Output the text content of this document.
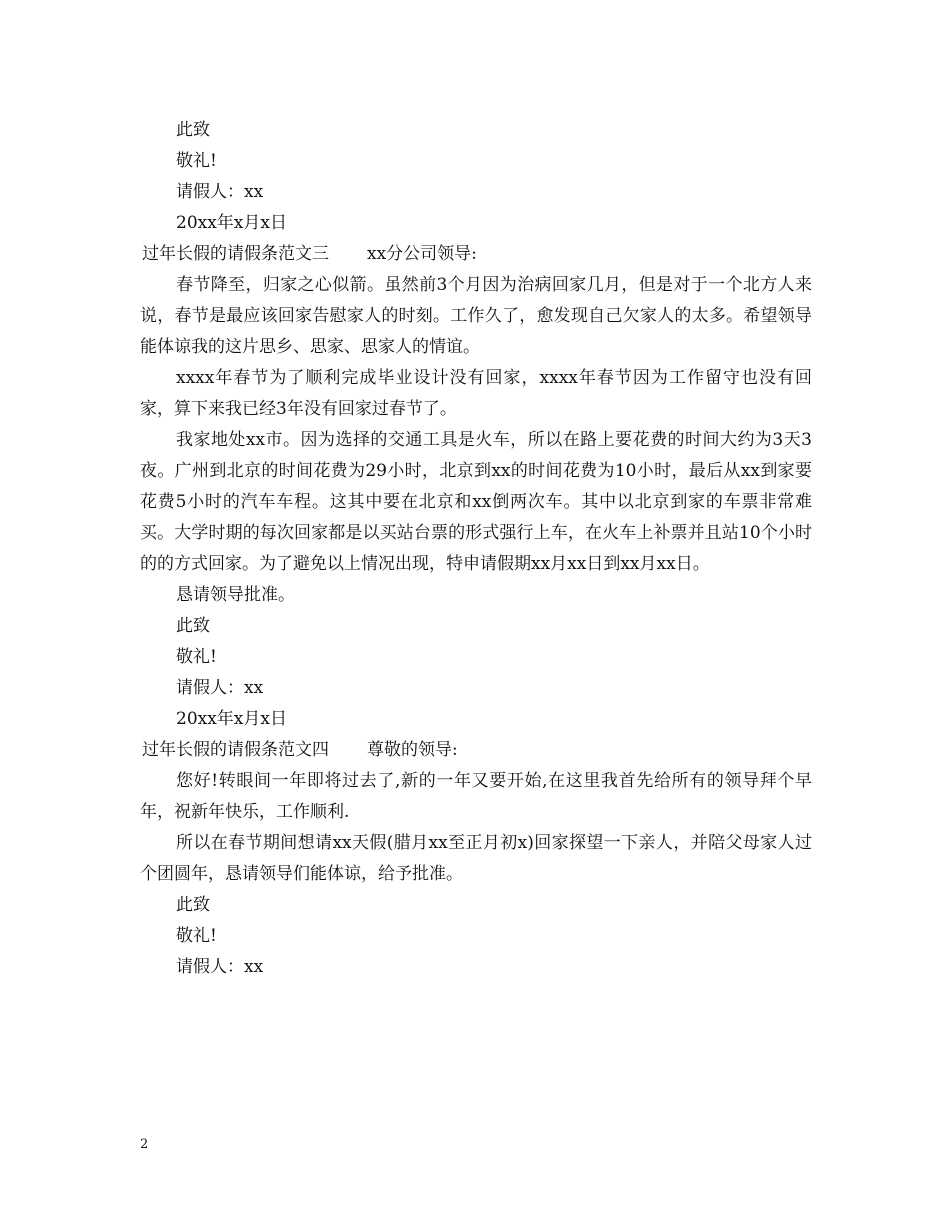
此致
敬礼!
请假人：xx
20xx年x月x日
过年长假的请假条范文三 xx分公司领导:

春节降至，归家之心似箭。虽然前3个月因为治病回家几月，但是对于一个北方人来说，春节是最应该回家告慰家人的时刻。工作久了，愈发现自己欠家人的太多。希望领导能体谅我的这片思乡、思家、思家人的情谊。

xxxx年春节为了顺利完成毕业设计没有回家，xxxx年春节因为工作留守也没有回家，算下来我已经3年没有回家过春节了。

我家地处xx市。因为选择的交通工具是火车，所以在路上要花费的时间大约为3天3夜。广州到北京的时间花费为29小时，北京到xx的时间花费为10小时，最后从xx到家要花费5小时的汽车车程。这其中要在北京和xx倒两次车。其中以北京到家的车票非常难买。大学时期的每次回家都是以买站台票的形式强行上车，在火车上补票并且站10个小时的的方式回家。为了避免以上情况出现，特申请假期xx月xx日到xx月xx日。

恳请领导批准。
此致
敬礼!
请假人：xx
20xx年x月x日
过年长假的请假条范文四 尊敬的领导:

您好!转眼间一年即将过去了,新的一年又要开始,在这里我首先给所有的领导拜个早年，祝新年快乐，工作顺利.

所以在春节期间想请xx天假(腊月xx至正月初x)回家探望一下亲人，并陪父母家人过个团圆年，恳请领导们能体谅，给予批准。

此致
敬礼!
请假人：xx
2
